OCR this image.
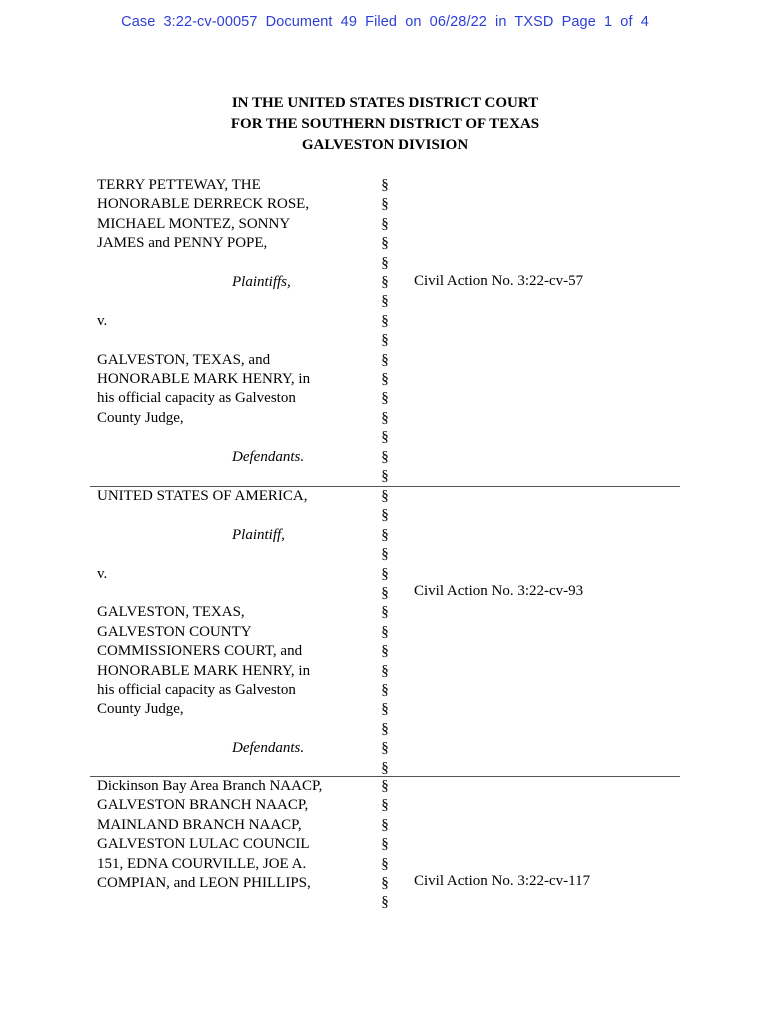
Case 3:22-cv-00057 Document 49 Filed on 06/28/22 in TXSD Page 1 of 4
IN THE UNITED STATES DISTRICT COURT
FOR THE SOUTHERN DISTRICT OF TEXAS
GALVESTON DIVISION
TERRY PETTEWAY, THE
HONORABLE DERRECK ROSE,
MICHAEL MONTEZ, SONNY
JAMES and PENNY POPE,
Plaintiffs,
v.
GALVESTON, TEXAS, and
HONORABLE MARK HENRY, in
his official capacity as Galveston
County Judge,
Defendants.
§
§
§
§
§
§
§
§
§
§
§
§
§
§
§
§
Civil Action No. 3:22-cv-57
UNITED STATES OF AMERICA,
Plaintiff,
v.
GALVESTON, TEXAS,
GALVESTON COUNTY
COMMISSIONERS COURT, and
HONORABLE MARK HENRY, in
his official capacity as Galveston
County Judge,
Defendants.
§
§
§
§
§
§
§
§
§
§
§
§
§
§
§
Civil Action No. 3:22-cv-93
Dickinson Bay Area Branch NAACP,
GALVESTON BRANCH NAACP,
MAINLAND BRANCH NAACP,
GALVESTON LULAC COUNCIL
151, EDNA COURVILLE, JOE A.
COMPIAN, and LEON PHILLIPS,
§
§
§
§
§
§
§
Civil Action No. 3:22-cv-117
